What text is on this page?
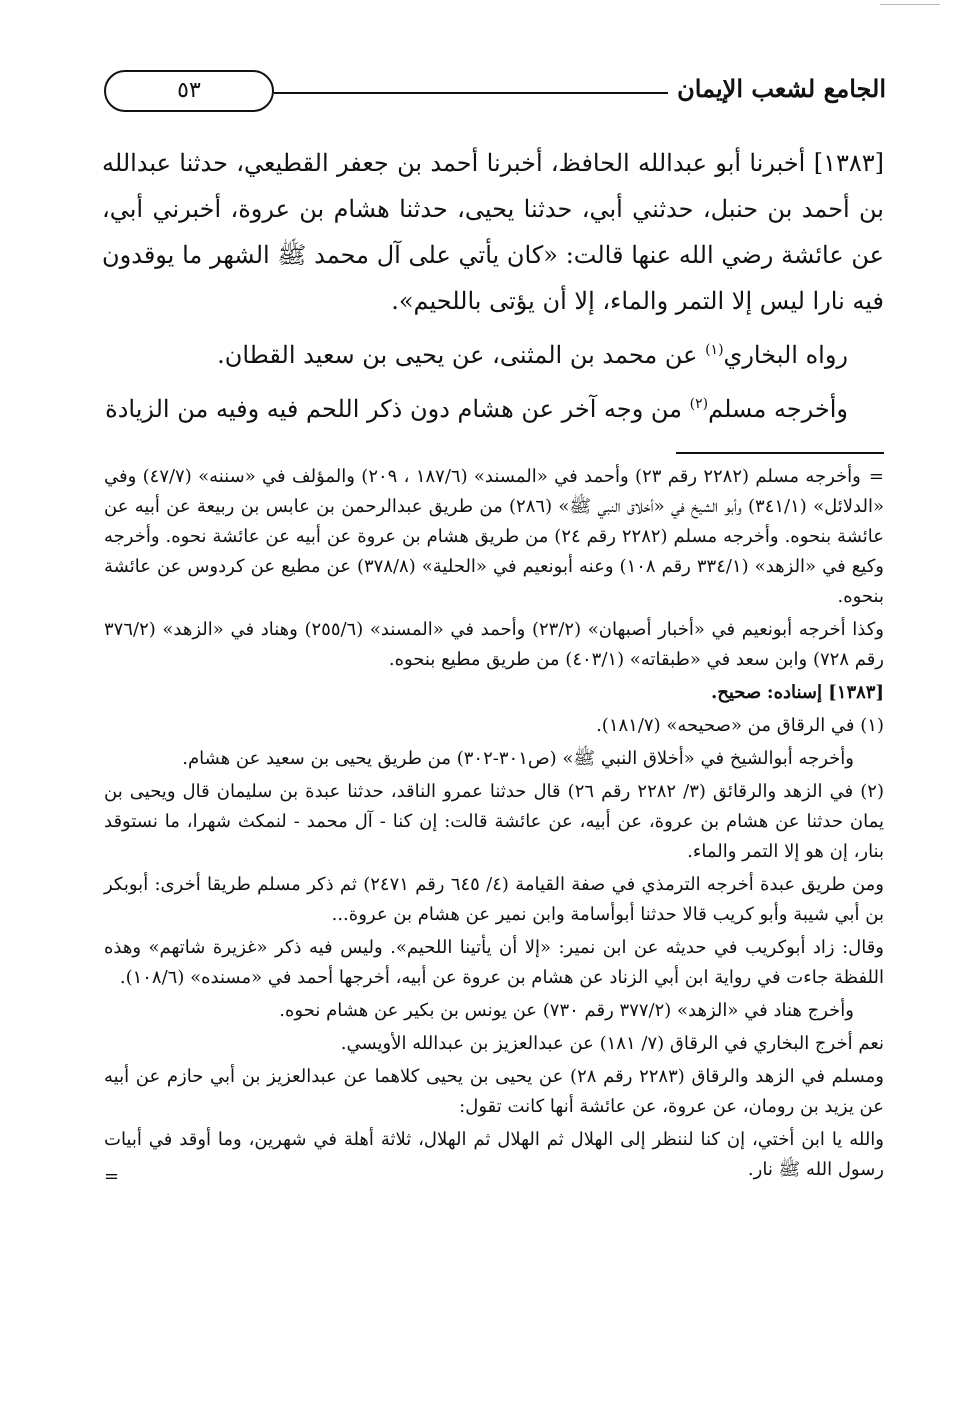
الجامع لشعب الإيمان
٥٣

[١٣٨٣] أخبرنا أبو عبدالله الحافظ، أخبرنا أحمد بن جعفر القطيعي، حدثنا عبدالله بن أحمد بن حنبل، حدثني أبي، حدثنا يحيى، حدثنا هشام بن عروة، أخبرني أبي، عن عائشة رضي الله عنها قالت: «كان يأتي على آل محمد ﷺ الشهر ما يوقدون فيه نارا ليس إلا التمر والماء، إلا أن يؤتى باللحيم».

رواه البخاري$^{(١)}$ عن محمد بن المثنى، عن يحيى بن سعيد القطان.

وأخرجه مسلم$^{(٢)}$ من وجه آخر عن هشام دون ذكر اللحم فيه وفيه من الزيادة

=وأخرجه مسلم (٢٢٨٢ رقم ٢٣) وأحمد في «المسند» (١٨٧/٦ ، ٢٠٩) والمؤلف في «سننه» (٤٧/٧) وفي «الدلائل» (٣٤١/١) وأبو الشيخ في «أخلاق النبي ﷺ» (٢٨٦) من طريق عبدالرحمن بن عابس بن ربيعة عن أبيه عن عائشة بنحوه. وأخرجه مسلم (٢٢٨٢ رقم ٢٤) من طريق هشام بن عروة عن أبيه عن عائشة نحوه. وأخرجه وكيع في «الزهد» (٣٣٤/١ رقم ١٠٨) وعنه أبونعيم في «الحلية» (٣٧٨/٨) عن مطيع عن كردوس عن عائشة بنحوه.

وكذا أخرجه أبونعيم في «أخبار أصبهان» (٢٣/٢) وأحمد في «المسند» (٢٥٥/٦) وهناد في «الزهد» (٣٧٦/٢ رقم ٧٢٨) وابن سعد في «طبقاته» (٤٠٣/١) من طريق مطيع بنحوه.

[١٣٨٣] إسناده: صحيح.

(١) في الرقاق من «صحيحه» (١٨١/٧).

وأخرجه أبوالشيخ في «أخلاق النبي ﷺ» (ص٣٠١-٣٠٢) من طريق يحيى بن سعيد عن هشام.

(٢) في الزهد والرقائق (٣/ ٢٢٨٢ رقم ٢٦) قال حدثنا عمرو الناقد، حدثنا عبدة بن سليمان قال ويحيى بن يمان حدثنا عن هشام بن عروة، عن أبيه، عن عائشة قالت: إن كنا - آل محمد - لنمكث شهرا، ما نستوقد بنار، إن هو إلا التمر والماء.

ومن طريق عبدة أخرجه الترمذي في صفة القيامة (٤/ ٦٤٥ رقم ٢٤٧١) ثم ذكر مسلم طريقا أخرى: أبوبكر بن أبي شيبة وأبو كريب قالا حدثنا أبوأسامة وابن نمير عن هشام بن عروة...

وقال: زاد أبوكريب في حديثه عن ابن نمير: «إلا أن يأتينا اللحيم». وليس فيه ذكر «غزيرة شاتهم» وهذه اللفظة جاءت في رواية ابن أبي الزناد عن هشام بن عروة عن أبيه، أخرجها أحمد في «مسنده» (١٠٨/٦).

وأخرج هناد في «الزهد» (٣٧٧/٢ رقم ٧٣٠) عن يونس بن بكير عن هشام نحوه.

نعم أخرج البخاري في الرقاق (٧/ ١٨١) عن عبدالعزيز بن عبدالله الأويسي.

ومسلم في الزهد والرقاق (٢٢٨٣ رقم ٢٨) عن يحيى بن يحيى كلاهما عن عبدالعزيز بن أبي حازم عن أبيه عن يزيد بن رومان، عن عروة، عن عائشة أنها كانت تقول:

والله يا ابن أختي، إن كنا لننظر إلى الهلال ثم الهلال ثم الهلال، ثلاثة أهلة في شهرين، وما أوقد في أبيات رسول الله ﷺ نار.

=
